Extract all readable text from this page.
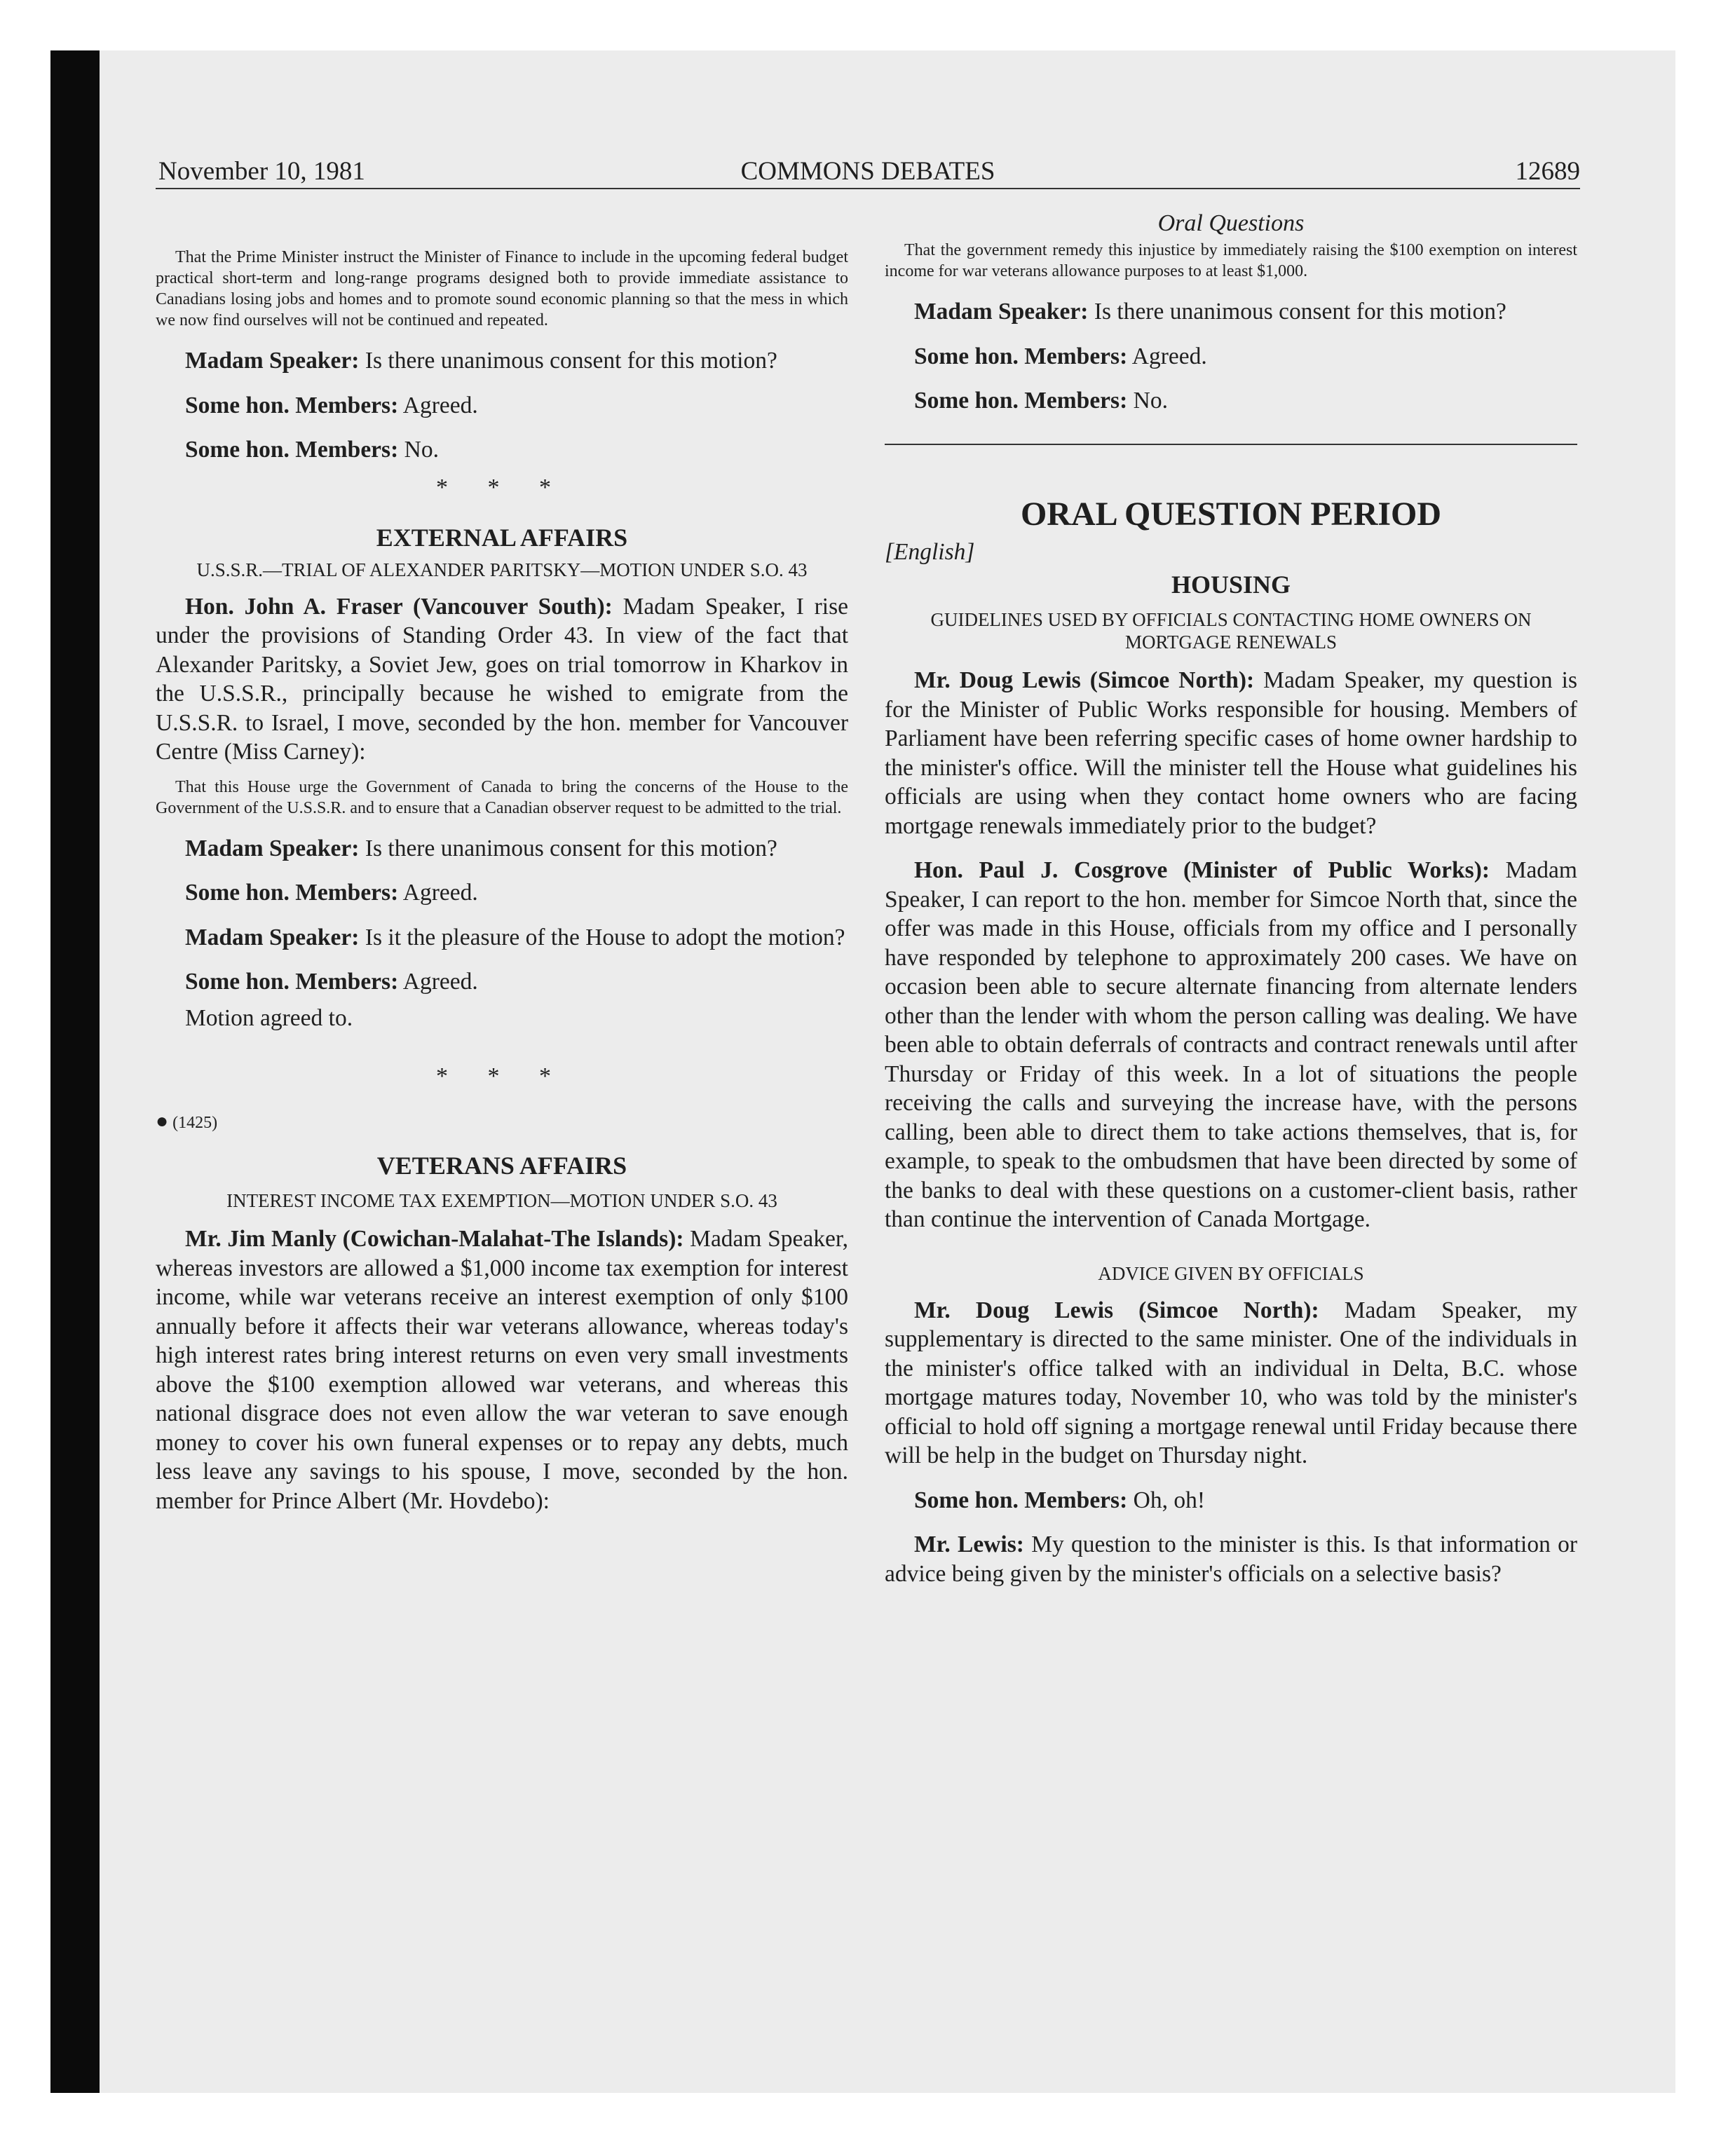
November 10, 1981	COMMONS DEBATES	12689

That the Prime Minister instruct the Minister of Finance to include in the upcoming federal budget practical short-term and long-range programs designed both to provide immediate assistance to Canadians losing jobs and homes and to promote sound economic planning so that the mess in which we now find ourselves will not be continued and repeated.

Madam Speaker: Is there unanimous consent for this motion?

Some hon. Members: Agreed.

Some hon. Members: No.

* * *

EXTERNAL AFFAIRS

U.S.S.R.—TRIAL OF ALEXANDER PARITSKY—MOTION UNDER S.O. 43

Hon. John A. Fraser (Vancouver South): Madam Speaker, I rise under the provisions of Standing Order 43. In view of the fact that Alexander Paritsky, a Soviet Jew, goes on trial tomorrow in Kharkov in the U.S.S.R., principally because he wished to emigrate from the U.S.S.R. to Israel, I move, seconded by the hon. member for Vancouver Centre (Miss Carney):

That this House urge the Government of Canada to bring the concerns of the House to the Government of the U.S.S.R. and to ensure that a Canadian observer request to be admitted to the trial.

Madam Speaker: Is there unanimous consent for this motion?

Some hon. Members: Agreed.

Madam Speaker: Is it the pleasure of the House to adopt the motion?

Some hon. Members: Agreed.

Motion agreed to.

* * *

● (1425)

VETERANS AFFAIRS

INTEREST INCOME TAX EXEMPTION—MOTION UNDER S.O. 43

Mr. Jim Manly (Cowichan-Malahat-The Islands): Madam Speaker, whereas investors are allowed a $1,000 income tax exemption for interest income, while war veterans receive an interest exemption of only $100 annually before it affects their war veterans allowance, whereas today's high interest rates bring interest returns on even very small investments above the $100 exemption allowed war veterans, and whereas this national disgrace does not even allow the war veteran to save enough money to cover his own funeral expenses or to repay any debts, much less leave any savings to his spouse, I move, seconded by the hon. member for Prince Albert (Mr. Hovdebo):

Oral Questions

That the government remedy this injustice by immediately raising the $100 exemption on interest income for war veterans allowance purposes to at least $1,000.

Madam Speaker: Is there unanimous consent for this motion?

Some hon. Members: Agreed.

Some hon. Members: No.

ORAL QUESTION PERIOD

[English]

HOUSING

GUIDELINES USED BY OFFICIALS CONTACTING HOME OWNERS ON MORTGAGE RENEWALS

Mr. Doug Lewis (Simcoe North): Madam Speaker, my question is for the Minister of Public Works responsible for housing. Members of Parliament have been referring specific cases of home owner hardship to the minister's office. Will the minister tell the House what guidelines his officials are using when they contact home owners who are facing mortgage renewals immediately prior to the budget?

Hon. Paul J. Cosgrove (Minister of Public Works): Madam Speaker, I can report to the hon. member for Simcoe North that, since the offer was made in this House, officials from my office and I personally have responded by telephone to approximately 200 cases. We have on occasion been able to secure alternate financing from alternate lenders other than the lender with whom the person calling was dealing. We have been able to obtain deferrals of contracts and contract renewals until after Thursday or Friday of this week. In a lot of situations the people receiving the calls and surveying the increase have, with the persons calling, been able to direct them to take actions themselves, that is, for example, to speak to the ombudsmen that have been directed by some of the banks to deal with these questions on a customer-client basis, rather than continue the intervention of Canada Mortgage.

ADVICE GIVEN BY OFFICIALS

Mr. Doug Lewis (Simcoe North): Madam Speaker, my supplementary is directed to the same minister. One of the individuals in the minister's office talked with an individual in Delta, B.C. whose mortgage matures today, November 10, who was told by the minister's official to hold off signing a mortgage renewal until Friday because there will be help in the budget on Thursday night.

Some hon. Members: Oh, oh!

Mr. Lewis: My question to the minister is this. Is that information or advice being given by the minister's officials on a selective basis?
